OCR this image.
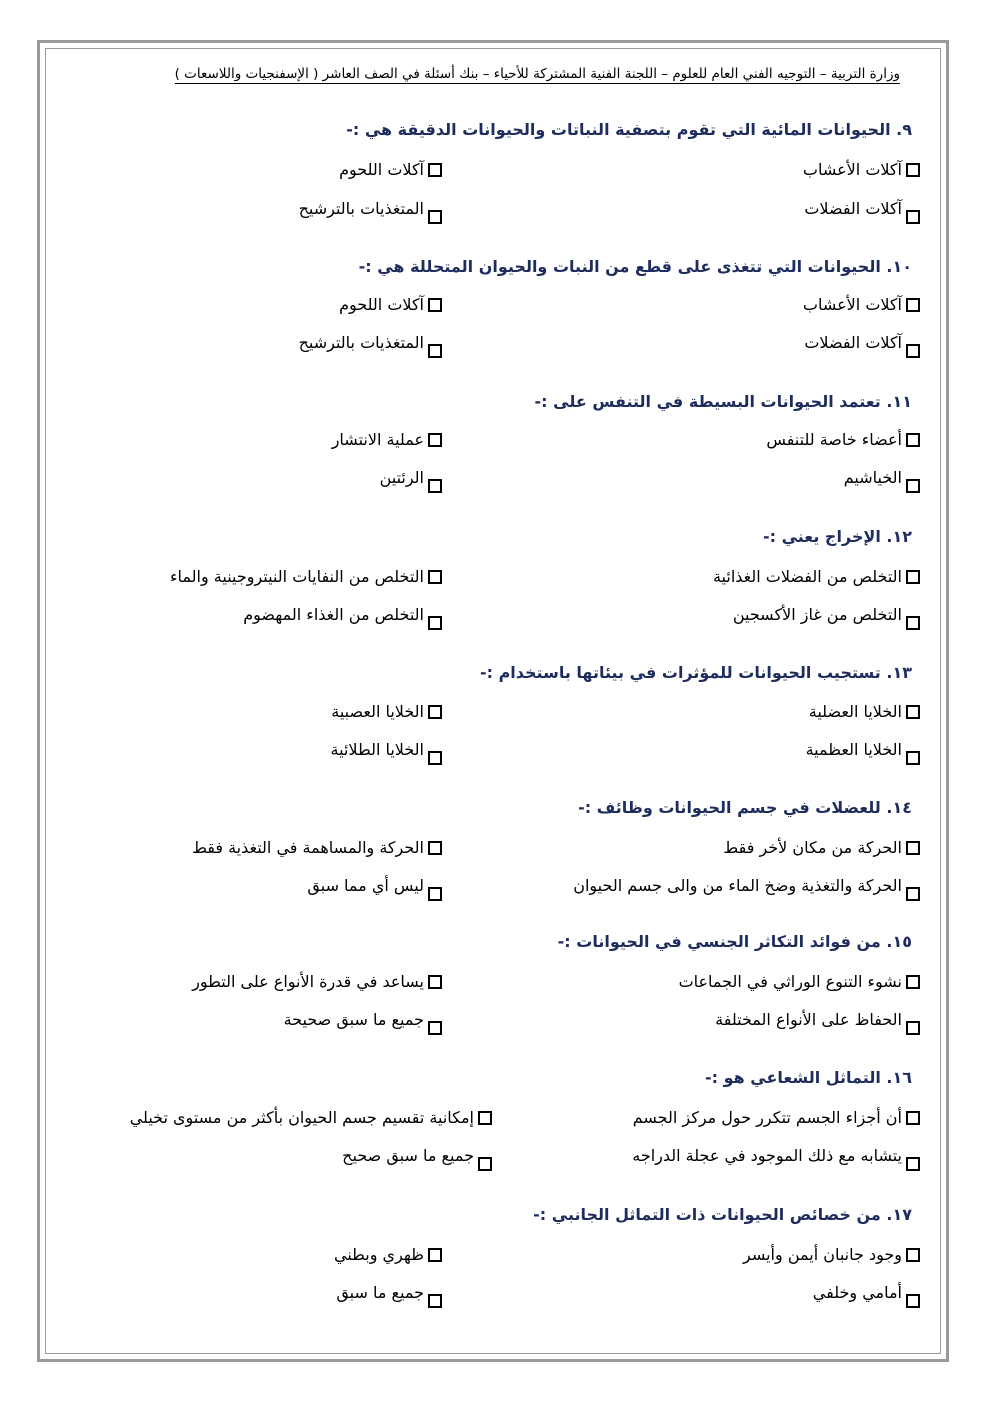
وزارة التربية – التوجيه الفني العام للعلوم – اللجنة الفنية المشتركة للأحياء – بنك أسئلة في الصف العاشر ( الإسفنجيات واللاسعات )
٩. الحيوانات المائية التي تقوم بتصفية النباتات والحيوانات الدقيقة هي :-
آكلات الأعشاب
آكلات اللحوم
آكلات الفضلات
المتغذيات بالترشيح
١٠. الحيوانات التي تتغذى على قطع من النبات والحيوان المتحللة هي :-
آكلات الأعشاب
آكلات اللحوم
آكلات الفضلات
المتغذيات بالترشيح
١١. تعتمد الحيوانات البسيطة في التنفس على :-
أعضاء خاصة للتنفس
عملية الانتشار
الخياشيم
الرئتين
١٢. الإخراج يعني :-
التخلص من الفضلات الغذائية
التخلص من النفايات النيتروجينية والماء
التخلص من غاز الأكسجين
التخلص من الغذاء المهضوم
١٣. تستجيب الحيوانات للمؤثرات في بيئاتها باستخدام :-
الخلايا العضلية
الخلايا العصبية
الخلايا العظمية
الخلايا الطلائية
١٤. للعضلات في جسم الحيوانات وظائف :-
الحركة من مكان لأخر فقط
الحركة والمساهمة في التغذية فقط
الحركة والتغذية وضخ الماء من والى جسم الحيوان
ليس أي مما سبق
١٥. من فوائد التكاثر الجنسي في الحيوانات :-
نشوء التنوع الوراثي في الجماعات
يساعد في قدرة الأنواع على التطور
الحفاظ على الأنواع المختلفة
جميع ما سبق صحيحة
١٦. التماثل الشعاعي هو :-
أن أجزاء الجسم تتكرر حول مركز الجسم
إمكانية تقسيم جسم الحيوان بأكثر من مستوى تخيلي
يتشابه مع ذلك الموجود في عجلة الدراجه
جميع ما سبق صحيح
١٧. من خصائص الحيوانات ذات التماثل الجانبي :-
وجود جانبان أيمن وأيسر
ظهري وبطني
أمامي وخلفي
جميع ما سبق
